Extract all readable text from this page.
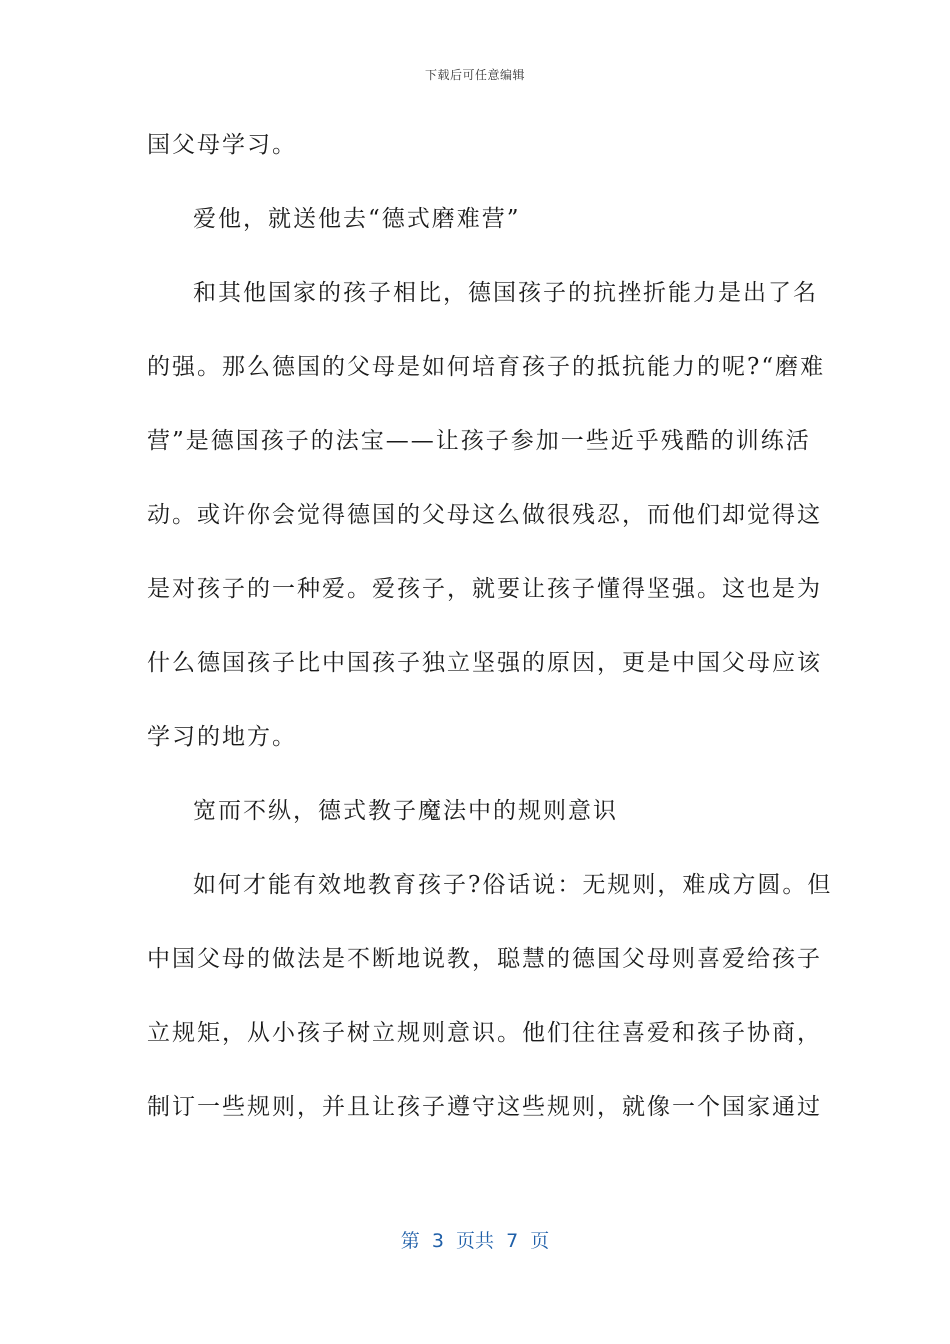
下载后可任意编辑
国父母学习。
爱他，就送他去“德式磨难营”
和其他国家的孩子相比，德国孩子的抗挫折能力是出了名
的强。那么德国的父母是如何培育孩子的抵抗能力的呢?“磨难
营”是德国孩子的法宝——让孩子参加一些近乎残酷的训练活
动。或许你会觉得德国的父母这么做很残忍，而他们却觉得这
是对孩子的一种爱。爱孩子，就要让孩子懂得坚强。这也是为
什么德国孩子比中国孩子独立坚强的原因，更是中国父母应该
学习的地方。
宽而不纵，德式教子魔法中的规则意识
如何才能有效地教育孩子?俗话说：无规则，难成方圆。但
中国父母的做法是不断地说教，聪慧的德国父母则喜爱给孩子
立规矩，从小孩子树立规则意识。他们往往喜爱和孩子协商，
制订一些规则，并且让孩子遵守这些规则，就像一个国家通过
第  3  页共  7  页
